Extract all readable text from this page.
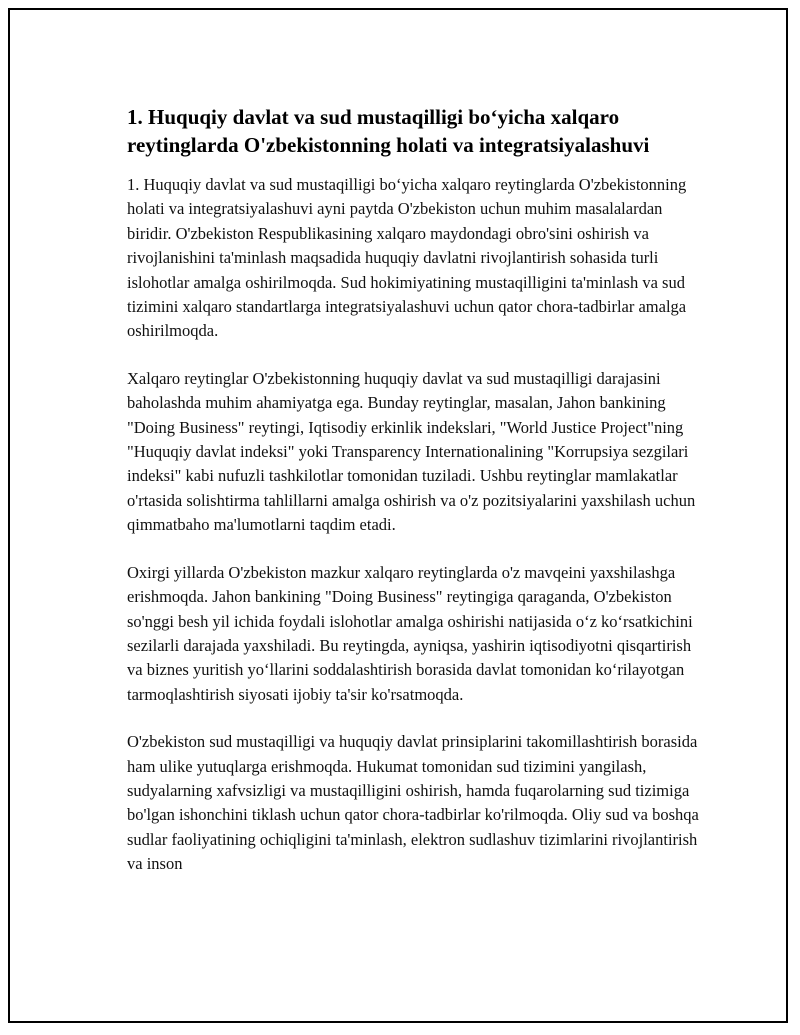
1. Huquqiy davlat va sud mustaqilligi bo‘yicha xalqaro reytinglarda O'zbekistonning holati va integratsiyalashuvi

1. Huquqiy davlat va sud mustaqilligi bo‘yicha xalqaro reytinglarda O'zbekistonning holati va integratsiyalashuvi ayni paytda O'zbekiston uchun muhim masalalardan biridir. O'zbekiston Respublikasining xalqaro maydondagi obro'sini oshirish va rivojlanishini ta'minlash maqsadida huquqiy davlatni rivojlantirish sohasida turli islohotlar amalga oshirilmoqda. Sud hokimiyatining mustaqilligini ta'minlash va sud tizimini xalqaro standartlarga integratsiyalashuvi uchun qator chora-tadbirlar amalga oshirilmoqda.

Xalqaro reytinglar O'zbekistonning huquqiy davlat va sud mustaqilligi darajasini baholashda muhim ahamiyatga ega. Bunday reytinglar, masalan, Jahon bankining "Doing Business" reytingi, Iqtisodiy erkinlik indekslari, "World Justice Project"ning "Huquqiy davlat indeksi" yoki Transparency Internationalining "Korrupsiya sezgilari indeksi" kabi nufuzli tashkilotlar tomonidan tuziladi. Ushbu reytinglar mamlakatlar o'rtasida solishtirma tahlillarni amalga oshirish va o'z pozitsiyalarini yaxshilash uchun qimmatbaho ma'lumotlarni taqdim etadi.

Oxirgi yillarda O'zbekiston mazkur xalqaro reytinglarda o'z mavqeini yaxshilashga erishmoqda. Jahon bankining "Doing Business" reytingiga qaraganda, O'zbekiston so'nggi besh yil ichida foydali islohotlar amalga oshirishi natijasida o‘z ko‘rsatkichini sezilarli darajada yaxshiladi. Bu reytingda, ayniqsa, yashirin iqtisodiyotni qisqartirish va biznes yuritish yo‘llarini soddalashtirish borasida davlat tomonidan ko‘rilayotgan tarmoqlashtirish siyosati ijobiy ta'sir ko'rsatmoqda.

O'zbekiston sud mustaqilligi va huquqiy davlat prinsiplarini takomillashtirish borasida ham ulike yutuqlarga erishmoqda. Hukumat tomonidan sud tizimini yangilash, sudyalarning xafvsizligi va mustaqilligini oshirish, hamda fuqarolarning sud tizimiga bo'lgan ishonchini tiklash uchun qator chora-tadbirlar ko'rilmoqda. Oliy sud va boshqa sudlar faoliyatining ochiqligini ta'minlash, elektron sudlashuv tizimlarini rivojlantirish va inson
